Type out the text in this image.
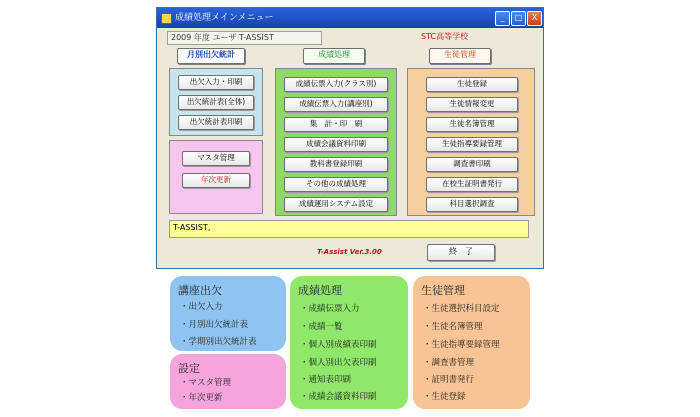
成績処理メインメニュー	_	□	X
2009 年度 ユーザ T-ASSIST	STC高等学校
月別出欠統計	成績処理	生徒管理
出欠入力・印刷
出欠統計表(全体)
出欠統計表印刷
マスタ管理
年次更新
成績伝票入力(クラス別)
成績伝票入力(講座別)
集　計・印　刷
成績会議資料印刷
教科書登録印刷
その他の成績処理
成績運用システム設定
生徒登録
生徒情報変更
生徒名簿管理
生徒指導要録管理
調査書印刷
在校生証明書発行
科目選択調査
T-ASSIST,
T-Assist Ver.3.00	終　了
講座出欠
・出欠入力
・月別出欠統計表
・学期別出欠統計表
設定
・マスタ管理
・年次更新
成績処理
・成績伝票入力
・成績一覧
・個人別成績表印刷
・個人別出欠表印刷
・通知表印刷
・成績会議資料印刷
生徒管理
・生徒選択科目設定
・生徒名簿管理
・生徒指導要録管理
・調査書管理
・証明書発行
・生徒登録
